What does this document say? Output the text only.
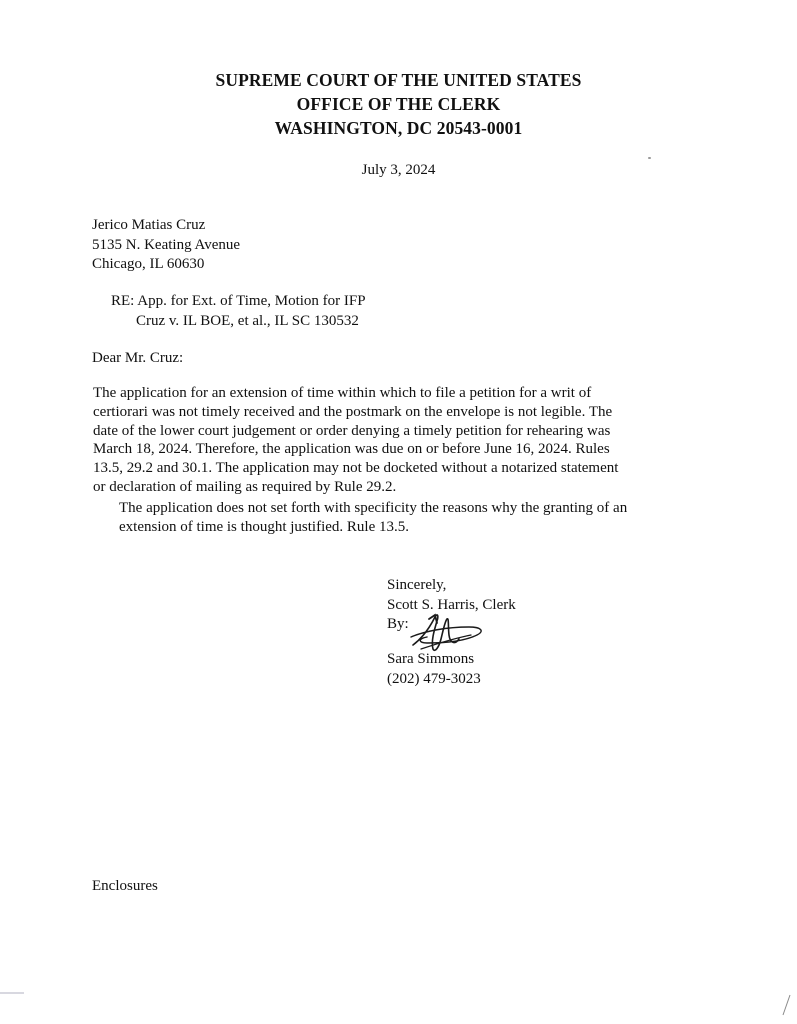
SUPREME COURT OF THE UNITED STATES
OFFICE OF THE CLERK
WASHINGTON, DC 20543-0001
July 3, 2024
Jerico Matias Cruz
5135 N. Keating Avenue
Chicago, IL 60630
RE: App. for Ext. of Time, Motion for IFP
Cruz v. IL BOE, et al., IL SC 130532
Dear Mr. Cruz:
The application for an extension of time within which to file a petition for a writ of
certiorari was not timely received and the postmark on the envelope is not legible. The
date of the lower court judgement or order denying a timely petition for rehearing was
March 18, 2024. Therefore, the application was due on or before June 16, 2024. Rules
13.5, 29.2 and 30.1. The application may not be docketed without a notarized statement
or declaration of mailing as required by Rule 29.2.
The application does not set forth with specificity the reasons why the granting of an
extension of time is thought justified. Rule 13.5.
Sincerely,
Scott S. Harris, Clerk
By:
Sara Simmons
(202) 479-3023
Enclosures
